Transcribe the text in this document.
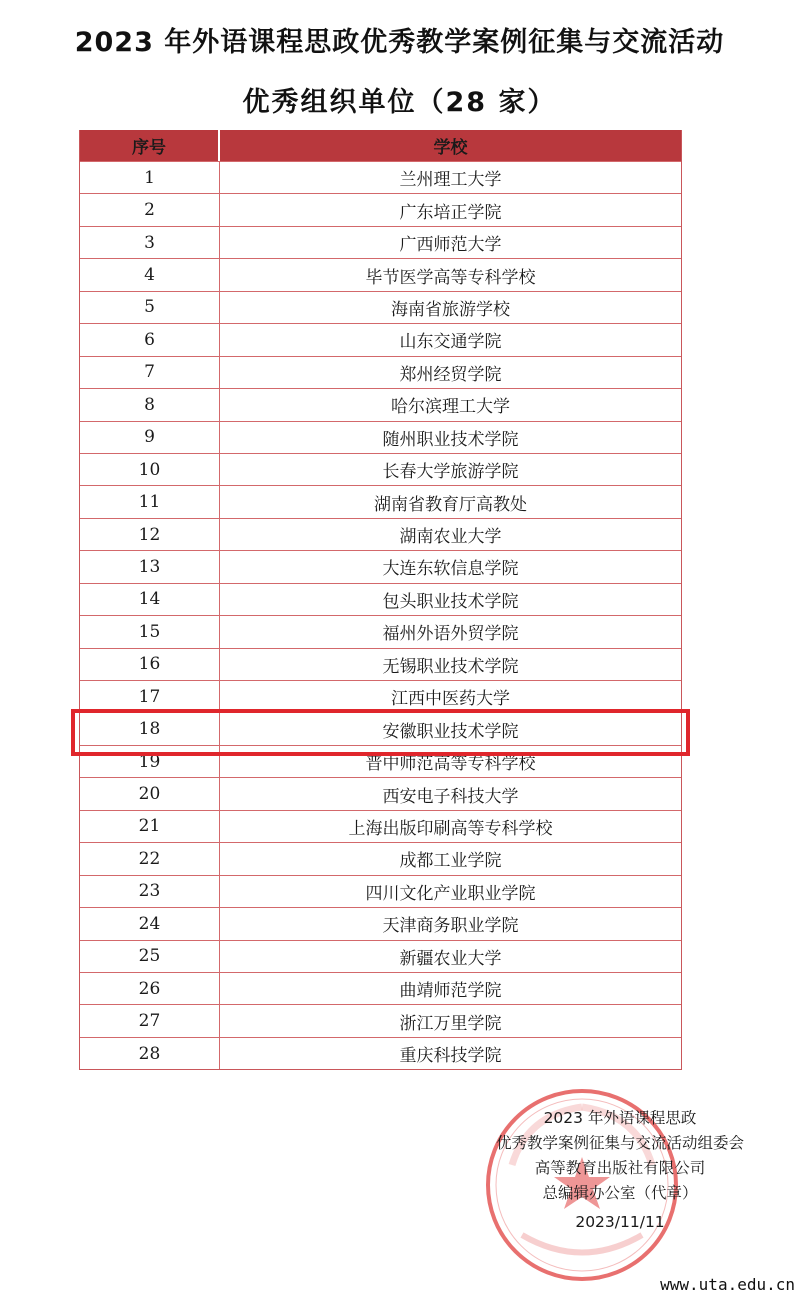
2023 年外语课程思政优秀教学案例征集与交流活动
优秀组织单位（28 家）
序号	学校
1	兰州理工大学
2	广东培正学院
3	广西师范大学
4	毕节医学高等专科学校
5	海南省旅游学校
6	山东交通学院
7	郑州经贸学院
8	哈尔滨理工大学
9	随州职业技术学院
10	长春大学旅游学院
11	湖南省教育厅高教处
12	湖南农业大学
13	大连东软信息学院
14	包头职业技术学院
15	福州外语外贸学院
16	无锡职业技术学院
17	江西中医药大学
18	安徽职业技术学院
19	晋中师范高等专科学校
20	西安电子科技大学
21	上海出版印刷高等专科学校
22	成都工业学院
23	四川文化产业职业学院
24	天津商务职业学院
25	新疆农业大学
26	曲靖师范学院
27	浙江万里学院
28	重庆科技学院
2023 年外语课程思政
优秀教学案例征集与交流活动组委会
高等教育出版社有限公司
总编辑办公室（代章）
2023/11/11
www.uta.edu.cn
